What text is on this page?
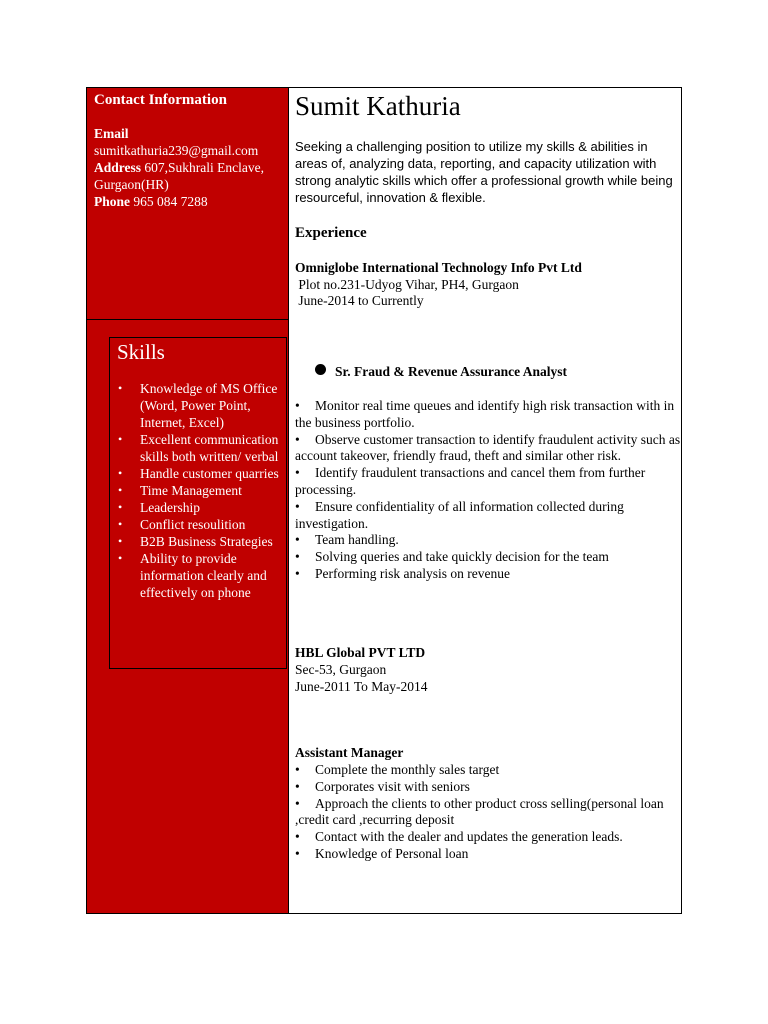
Contact Information
Email
sumitkathuria239@gmail.com
Address 607,Sukhrali Enclave, Gurgaon(HR)
Phone 965 084 7288
Skills
• Knowledge of MS Office (Word, Power Point, Internet, Excel)
• Excellent communication skills both written/ verbal
• Handle customer quarries
• Time Management
• Leadership
• Conflict resoulition
• B2B Business Strategies
• Ability to provide information clearly and effectively on phone
Sumit Kathuria

Seeking a challenging position to utilize my skills & abilities in areas of, analyzing data, reporting, and capacity utilization with strong analytic skills which offer a professional growth while being resourceful, innovation & flexible.

Experience
Omniglobe International Technology Info Pvt Ltd
Plot no.231-Udyog Vihar, PH4, Gurgaon
June-2014 to Currently
Sr. Fraud & Revenue Assurance Analyst
• Monitor real time queues and identify high risk transaction with in the business portfolio.
• Observe customer transaction to identify fraudulent activity such as account takeover, friendly fraud, theft and similar other risk.
• Identify fraudulent transactions and cancel them from further processing.
• Ensure confidentiality of all information collected during investigation.
• Team handling.
• Solving queries and take quickly decision for the team
• Performing risk analysis on revenue
HBL Global PVT LTD
Sec-53, Gurgaon
June-2011 To May-2014
Assistant Manager
• Complete the monthly sales target
• Corporates visit with seniors
• Approach the clients to other product cross selling(personal loan ,credit card ,recurring deposit
• Contact with the dealer and updates the generation leads.
• Knowledge of Personal loan
